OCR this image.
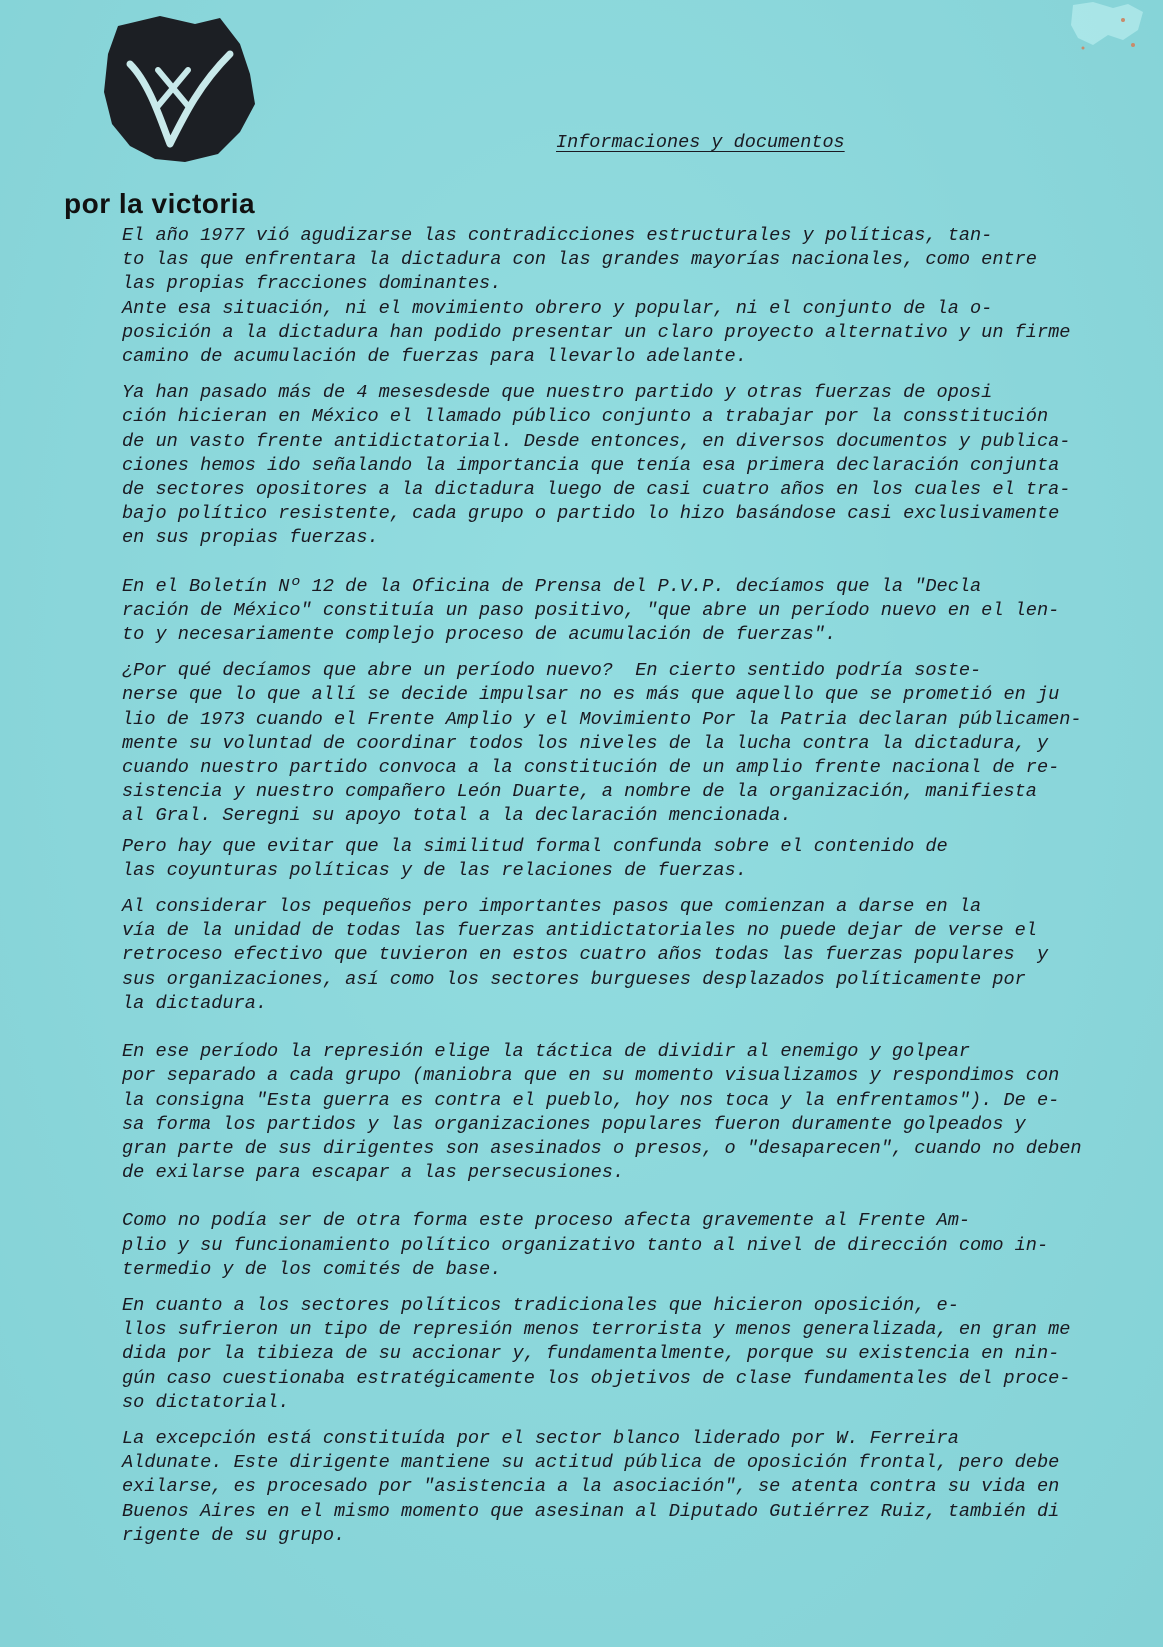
por la victoria
Informaciones y documentos

El año 1977 vió agudizarse las contradicciones estructurales y políticas, tan-

to las que enfrentara la dictadura con las grandes mayorías nacionales, como entre

las propias fracciones dominantes.

Ante esa situación, ni el movimiento obrero y popular, ni el conjunto de la o-

posición a la dictadura han podido presentar un claro proyecto alternativo y un firme

camino de acumulación de fuerzas para llevarlo adelante.

Ya han pasado más de 4 mesesdesde que nuestro partido y otras fuerzas de oposi

ción hicieran en México el llamado público conjunto a trabajar por la consstitución

de un vasto frente antidictatorial. Desde entonces, en diversos documentos y publica-

ciones hemos ido señalando la importancia que tenía esa primera declaración conjunta

de sectores opositores a la dictadura luego de casi cuatro años en los cuales el tra-

bajo político resistente, cada grupo o partido lo hizo basándose casi exclusivamente

en sus propias fuerzas.

En el Boletín Nº 12 de la Oficina de Prensa del P.V.P. decíamos que la "Decla

ración de México" constituía un paso positivo, "que abre un período nuevo en el len-

to y necesariamente complejo proceso de acumulación de fuerzas".

¿Por qué decíamos que abre un período nuevo?  En cierto sentido podría soste-

nerse que lo que allí se decide impulsar no es más que aquello que se prometió en ju

lio de 1973 cuando el Frente Amplio y el Movimiento Por la Patria declaran públicamen-

mente su voluntad de coordinar todos los niveles de la lucha contra la dictadura, y

cuando nuestro partido convoca a la constitución de un amplio frente nacional de re-

sistencia y nuestro compañero León Duarte, a nombre de la organización, manifiesta

al Gral. Seregni su apoyo total a la declaración mencionada.

Pero hay que evitar que la similitud formal confunda sobre el contenido de

las coyunturas políticas y de las relaciones de fuerzas.

Al considerar los pequeños pero importantes pasos que comienzan a darse en la

vía de la unidad de todas las fuerzas antidictatoriales no puede dejar de verse el

retroceso efectivo que tuvieron en estos cuatro años todas las fuerzas populares  y

sus organizaciones, así como los sectores burgueses desplazados políticamente por

la dictadura.

En ese período la represión elige la táctica de dividir al enemigo y golpear

por separado a cada grupo (maniobra que en su momento visualizamos y respondimos con

la consigna "Esta guerra es contra el pueblo, hoy nos toca y la enfrentamos"). De e-

sa forma los partidos y las organizaciones populares fueron duramente golpeados y

gran parte de sus dirigentes son asesinados o presos, o "desaparecen", cuando no deben

de exilarse para escapar a las persecusiones.

Como no podía ser de otra forma este proceso afecta gravemente al Frente Am-

plio y su funcionamiento político organizativo tanto al nivel de dirección como in-

termedio y de los comités de base.

En cuanto a los sectores políticos tradicionales que hicieron oposición, e-

llos sufrieron un tipo de represión menos terrorista y menos generalizada, en gran me

dida por la tibieza de su accionar y, fundamentalmente, porque su existencia en nin-

gún caso cuestionaba estratégicamente los objetivos de clase fundamentales del proce-

so dictatorial.

La excepción está constituída por el sector blanco liderado por W. Ferreira

Aldunate. Este dirigente mantiene su actitud pública de oposición frontal, pero debe

exilarse, es procesado por "asistencia a la asociación", se atenta contra su vida en

Buenos Aires en el mismo momento que asesinan al Diputado Gutiérrez Ruiz, también di

rigente de su grupo.
